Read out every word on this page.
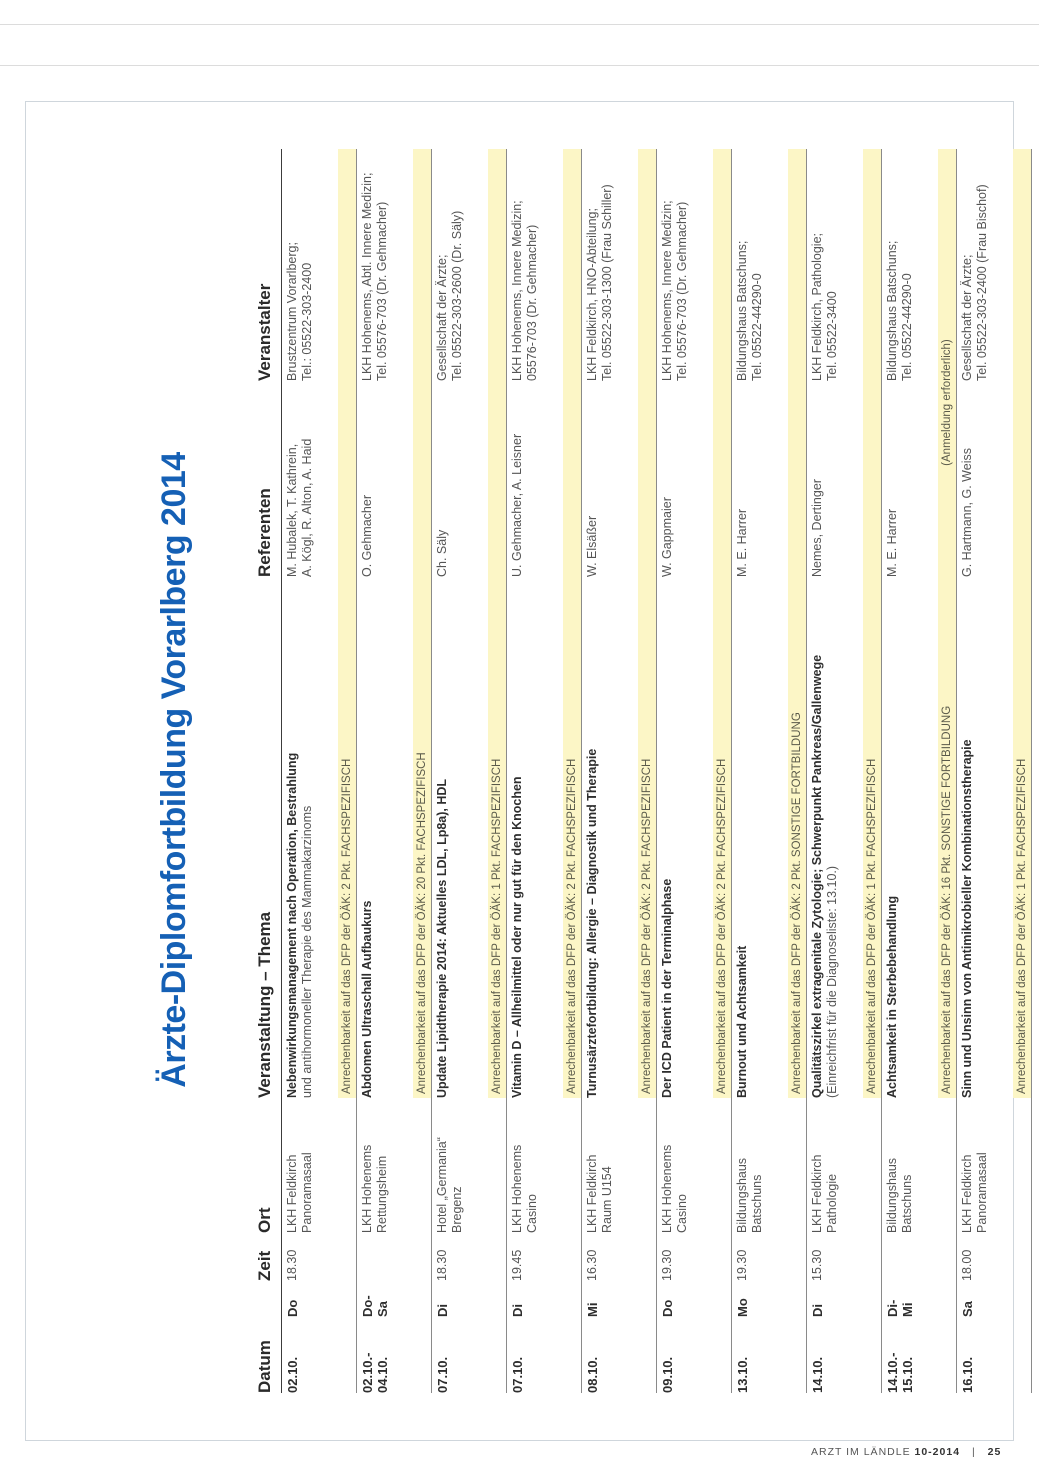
Ärzte-Diplomfortbildung Vorarlberg 2014
Datum
Zeit
Ort
Veranstaltung – Thema
Referenten
Veranstalter
02.10.
Do
18.30
LKH Feldkirch
Panoramasaal
Nebenwirkungsmanagement nach Operation, Bestrahlung und antihormoneller Therapie des Mammakarzinoms
M. Hubalek, T. Kathrein,
A. Kögl, R. Alton, A. Haid
Brustzentrum Vorarlberg;
Tel.: 05522-303-2400
Anrechenbarkeit auf das DFP der ÖÄK: 2 Pkt. FACHSPEZIFISCH
02.10.-
04.10.
Do-
Sa
LKH Hohenems
Rettungsheim
Abdomen Ultraschall Aufbaukurs
O. Gehmacher
LKH Hohenems, Abtl. Innere Medizin;
Tel. 05576-703 (Dr. Gehmacher)
Anrechenbarkeit auf das DFP der ÖÄK: 20 Pkt. FACHSPEZIFISCH
07.10.
Di
18.30
Hotel „Germania“
Bregenz
Update Lipidtherapie 2014: Aktuelles LDL, Lp8a), HDL
Ch. Säly
Gesellschaft der Ärzte;
Tel. 05522-303-2600 (Dr. Säly)
Anrechenbarkeit auf das DFP der ÖÄK: 1 Pkt. FACHSPEZIFISCH
07.10.
Di
19.45
LKH Hohenems
Casino
Vitamin D – Allheilmittel oder nur gut für den Knochen
U. Gehmacher, A. Leisner
LKH Hohenems, Innere Medizin;
05576-703 (Dr. Gehmacher)
Anrechenbarkeit auf das DFP der ÖÄK: 2 Pkt. FACHSPEZIFISCH
08.10.
Mi
16.30
LKH Feldkirch
Raum U154
Turnusärztefortbildung: Allergie – Diagnostik und Therapie
W. Elsäßer
LKH Feldkirch, HNO-Abteilung;
Tel. 05522-303-1300 (Frau Schiller)
Anrechenbarkeit auf das DFP der ÖÄK: 2 Pkt. FACHSPEZIFISCH
09.10.
Do
19.30
LKH Hohenems
Casino
Der ICD Patient in der Terminalphase
W. Gappmaier
LKH Hohenems, Innere Medizin;
Tel. 05576-703 (Dr. Gehmacher)
Anrechenbarkeit auf das DFP der ÖÄK: 2 Pkt. FACHSPEZIFISCH
13.10.
Mo
19.30
Bildungshaus
Batschuns
Burnout und Achtsamkeit
M. E. Harrer
Bildungshaus Batschuns;
Tel. 05522-44290-0
Anrechenbarkeit auf das DFP der ÖÄK: 2 Pkt. SONSTIGE FORTBILDUNG
14.10.
Di
15.30
LKH Feldkirch
Pathologie
Qualitätszirkel extragenitale Zytologie; Schwerpunkt Pankreas/Gallenwege (Einreichfrist für die Diagnoseliste: 13.10.)
Nemes, Dertinger
LKH Feldkirch, Pathologie;
Tel. 05522-3400
Anrechenbarkeit auf das DFP der ÖÄK: 1 Pkt. FACHSPEZIFISCH
14.10.-
15.10.
Di-
Mi
Bildungshaus
Batschuns
Achtsamkeit in Sterbebehandlung
M. E. Harrer
Bildungshaus Batschuns;
Tel. 05522-44290-0
Anrechenbarkeit auf das DFP der ÖÄK: 16 Pkt. SONSTIGE FORTBILDUNG(Anmeldung erforderlich)
16.10.
Sa
18.00
LKH Feldkirch
Panoramasaal
Sinn und Unsinn von Antimikrobieller Kombinationstherapie
G. Hartmann, G. Weiss
Gesellschaft der Ärzte;
Tel. 05522-303-2400 (Frau Bischof)
Anrechenbarkeit auf das DFP der ÖÄK: 1 Pkt. FACHSPEZIFISCH
ARZT IM LÄNDLE 10-2014 | 25
